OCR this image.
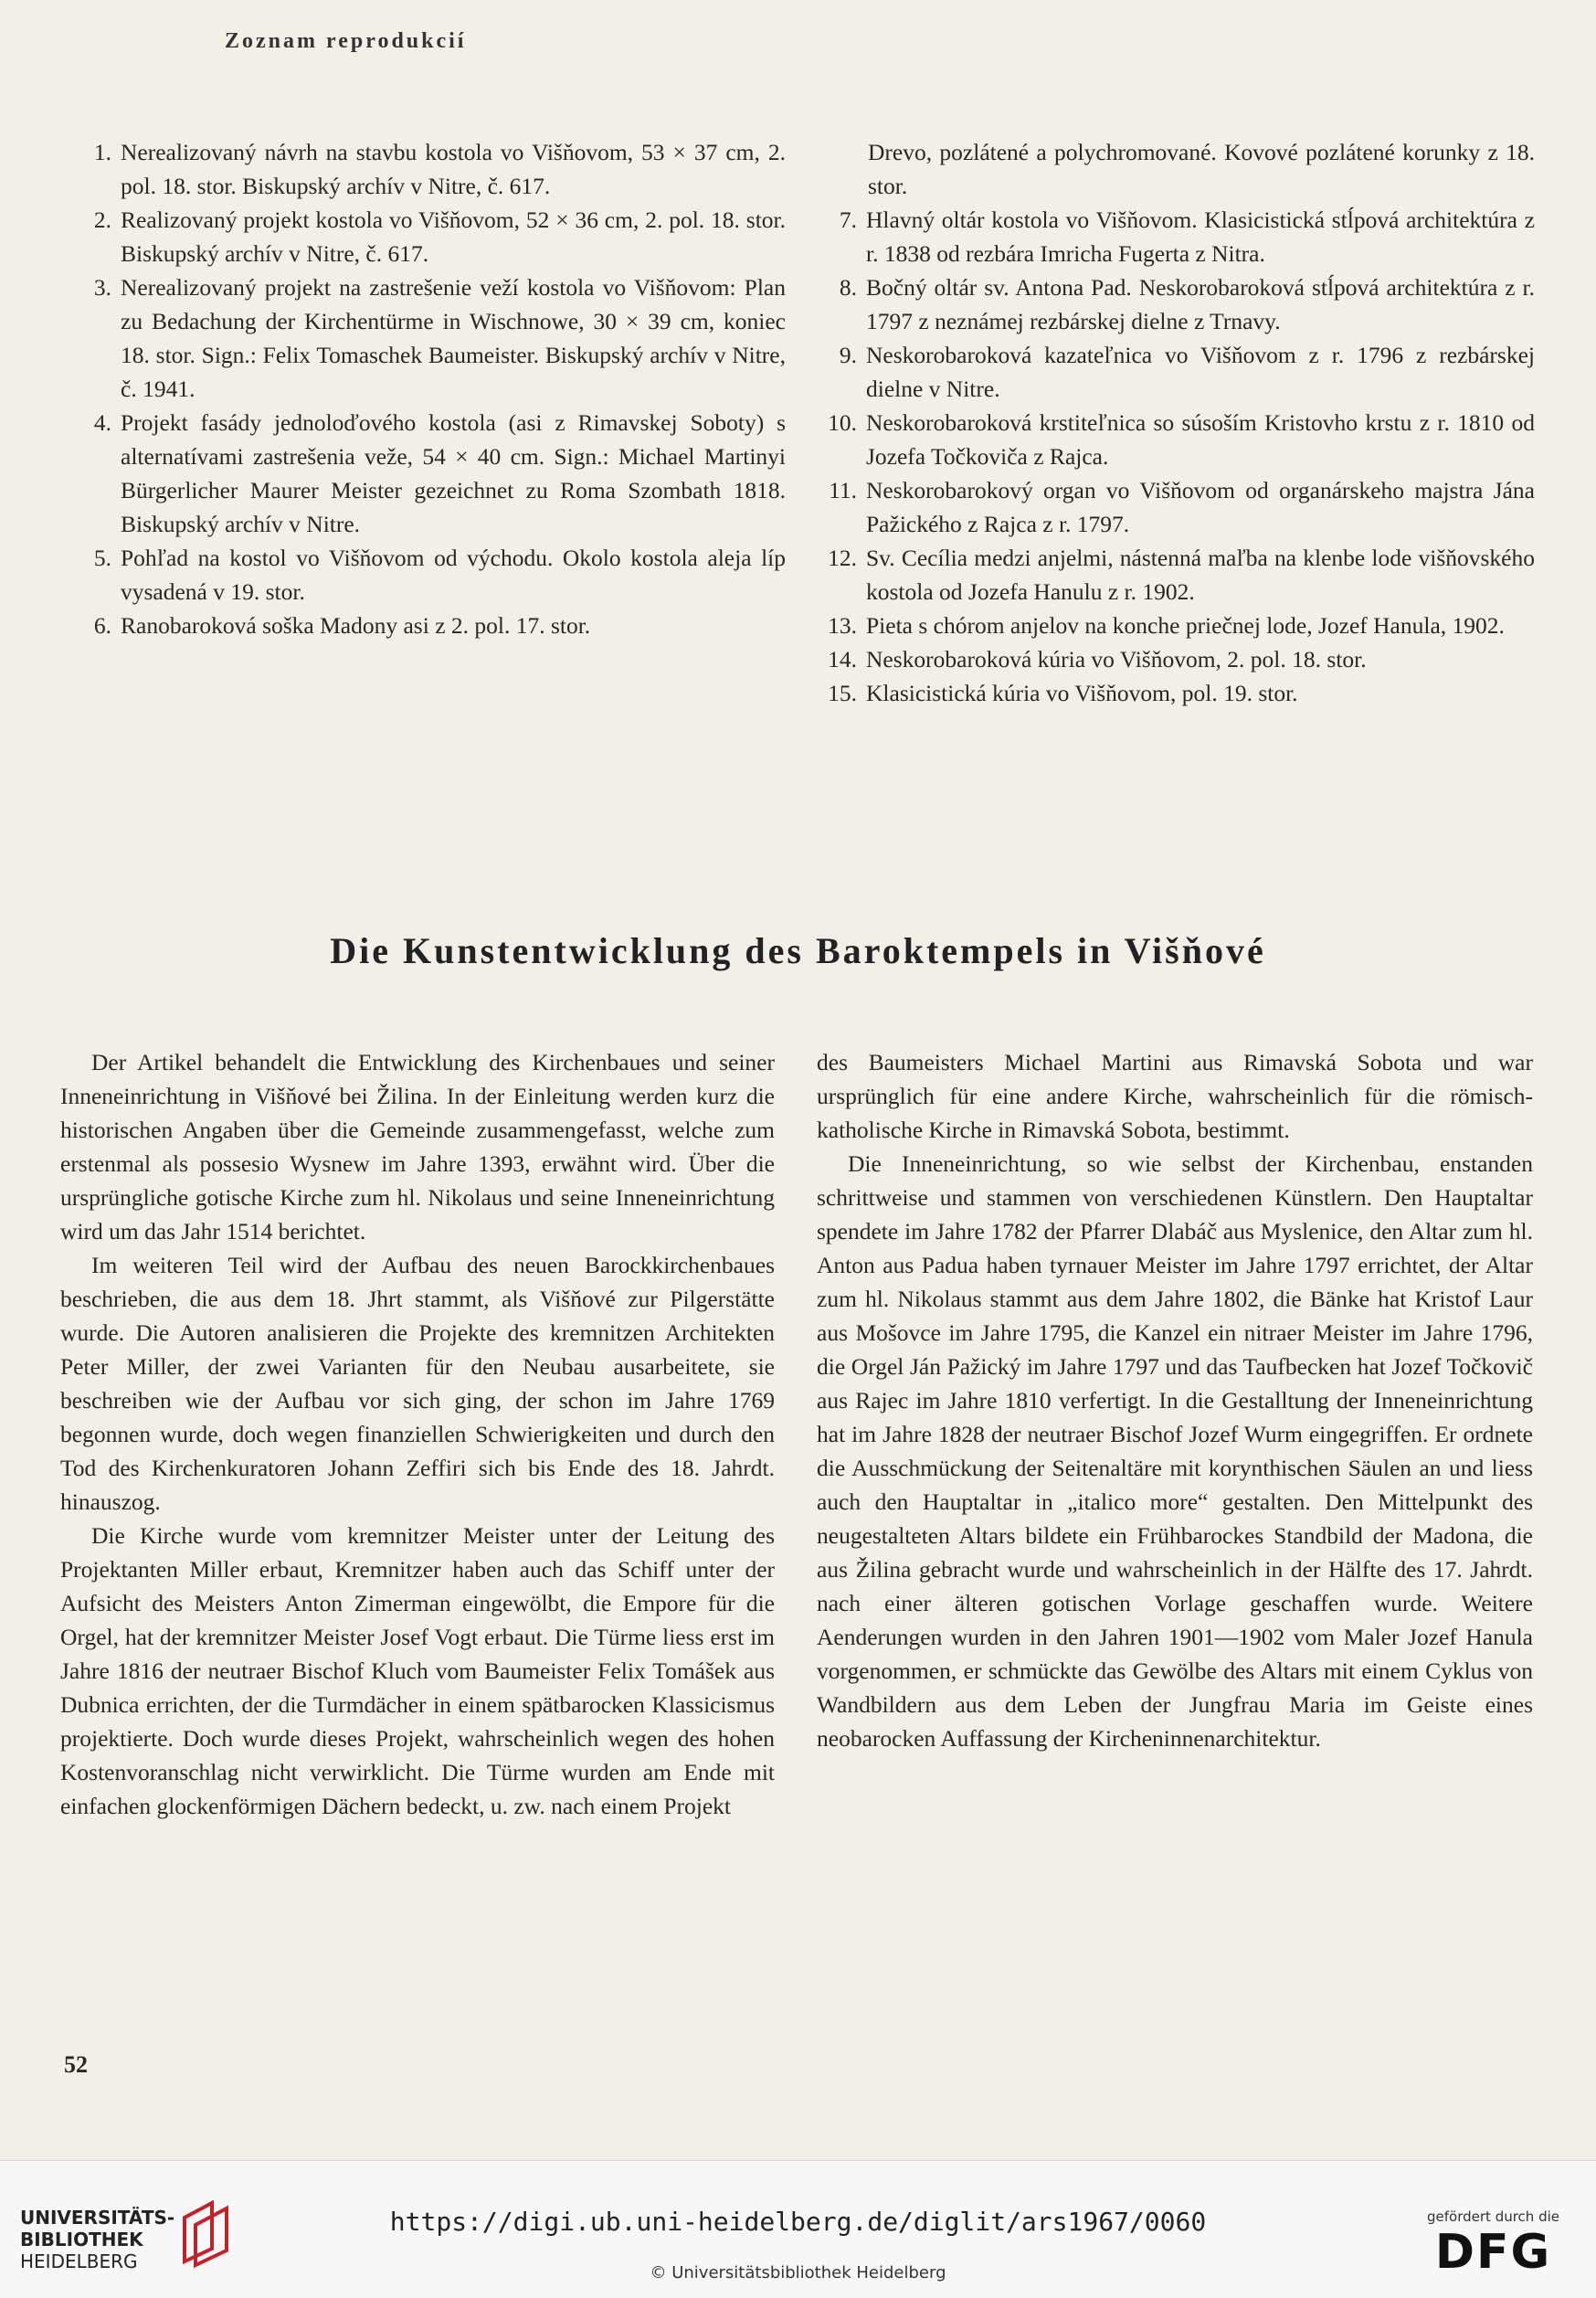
Zoznam reprodukcií
1. Nerealizovaný návrh na stavbu kostola vo Višňovom, 53 × 37 cm, 2. pol. 18. stor. Biskupský archív v Nitre, č. 617.
2. Realizovaný projekt kostola vo Višňovom, 52 × 36 cm, 2. pol. 18. stor. Biskupský archív v Nitre, č. 617.
3. Nerealizovaný projekt na zastrešenie veží kostola vo Višňovom: Plan zu Bedachung der Kirchentürme in Wischnowe, 30 × 39 cm, koniec 18. stor. Sign.: Felix Tomaschek Baumeister. Biskupský archív v Nitre, č. 1941.
4. Projekt fasády jednoloďového kostola (asi z Rimavskej Soboty) s alternatívami zastrešenia veže, 54 × 40 cm. Sign.: Michael Martinyi Bürgerlicher Maurer Meister gezeichnet zu Roma Szombath 1818. Biskupský archív v Nitre.
5. Pohľad na kostol vo Višňovom od východu. Okolo kostola aleja líp vysadená v 19. stor.
6. Ranobaroková soška Madony asi z 2. pol. 17. stor.
Drevo, pozlátené a polychromované. Kovové pozlátené korunky z 18. stor.
7. Hlavný oltár kostola vo Višňovom. Klasicistická stĺpová architektúra z r. 1838 od rezbára Imricha Fugerta z Nitra.
8. Bočný oltár sv. Antona Pad. Neskorobaroková stĺpová architektúra z r. 1797 z neznámej rezbárskej dielne z Trnavy.
9. Neskorobaroková kazateľnica vo Višňovom z r. 1796 z rezbárskej dielne v Nitre.
10. Neskorobaroková krstiteľnica so súsoším Kristovho krstu z r. 1810 od Jozefa Točkoviča z Rajca.
11. Neskorobarokový organ vo Višňovom od organárskeho majstra Jána Pažického z Rajca z r. 1797.
12. Sv. Cecília medzi anjelmi, nástenná maľba na klenbe lode višňovského kostola od Jozefa Hanulu z r. 1902.
13. Pieta s chórom anjelov na konche priečnej lode, Jozef Hanula, 1902.
14. Neskorobaroková kúria vo Višňovom, 2. pol. 18. stor.
15. Klasicistická kúria vo Višňovom, pol. 19. stor.
Die Kunstentwicklung des Baroktempels in Višňové

Der Artikel behandelt die Entwicklung des Kirchenbaues und seiner Inneneinrichtung in Višňové bei Žilina. In der Einleitung werden kurz die historischen Angaben über die Gemeinde zusammengefasst, welche zum erstenmal als possesio Wysnew im Jahre 1393, erwähnt wird. Über die ursprüngliche gotische Kirche zum hl. Nikolaus und seine Inneneinrichtung wird um das Jahr 1514 berichtet.

Im weiteren Teil wird der Aufbau des neuen Barockkirchenbaues beschrieben, die aus dem 18. Jhrt stammt, als Višňové zur Pilgerstätte wurde. Die Autoren analisieren die Projekte des kremnitzen Architekten Peter Miller, der zwei Varianten für den Neubau ausarbeitete, sie beschreiben wie der Aufbau vor sich ging, der schon im Jahre 1769 begonnen wurde, doch wegen finanziellen Schwierigkeiten und durch den Tod des Kirchenkuratoren Johann Zeffiri sich bis Ende des 18. Jahrdt. hinauszog.

Die Kirche wurde vom kremnitzer Meister unter der Leitung des Projektanten Miller erbaut, Kremnitzer haben auch das Schiff unter der Aufsicht des Meisters Anton Zimerman eingewölbt, die Empore für die Orgel, hat der kremnitzer Meister Josef Vogt erbaut. Die Türme liess erst im Jahre 1816 der neutraer Bischof Kluch vom Baumeister Felix Tomášek aus Dubnica errichten, der die Turmdächer in einem spätbarocken Klassicismus projektierte. Doch wurde dieses Projekt, wahrscheinlich wegen des hohen Kostenvoranschlag nicht verwirklicht. Die Türme wurden am Ende mit einfachen glockenförmigen Dächern bedeckt, u. zw. nach einem Projekt

des Baumeisters Michael Martini aus Rimavská Sobota und war ursprünglich für eine andere Kirche, wahrscheinlich für die römisch-katholische Kirche in Rimavská Sobota, bestimmt.

Die Inneneinrichtung, so wie selbst der Kirchenbau, enstanden schrittweise und stammen von verschiedenen Künstlern. Den Hauptaltar spendete im Jahre 1782 der Pfarrer Dlabáč aus Myslenice, den Altar zum hl. Anton aus Padua haben tyrnauer Meister im Jahre 1797 errichtet, der Altar zum hl. Nikolaus stammt aus dem Jahre 1802, die Bänke hat Kristof Laur aus Mošovce im Jahre 1795, die Kanzel ein nitraer Meister im Jahre 1796, die Orgel Ján Pažický im Jahre 1797 und das Taufbecken hat Jozef Točkovič aus Rajec im Jahre 1810 verfertigt. In die Gestalltung der Inneneinrichtung hat im Jahre 1828 der neutraer Bischof Jozef Wurm eingegriffen. Er ordnete die Ausschmückung der Seitenaltäre mit korynthischen Säulen an und liess auch den Hauptaltar in „italico more“ gestalten. Den Mittelpunkt des neugestalteten Altars bildete ein Frühbarockes Standbild der Madona, die aus Žilina gebracht wurde und wahrscheinlich in der Hälfte des 17. Jahrdt. nach einer älteren gotischen Vorlage geschaffen wurde. Weitere Aenderungen wurden in den Jahren 1901—1902 vom Maler Jozef Hanula vorgenommen, er schmückte das Gewölbe des Altars mit einem Cyklus von Wandbildern aus dem Leben der Jungfrau Maria im Geiste eines neobarocken Auffassung der Kircheninnenarchitektur.

52
UNIVERSITÄTS-
BIBLIOTHEK
HEIDELBERG
https://digi.ub.uni-heidelberg.de/diglit/ars1967/0060
© Universitätsbibliothek Heidelberg
gefördert durch die
DFG
